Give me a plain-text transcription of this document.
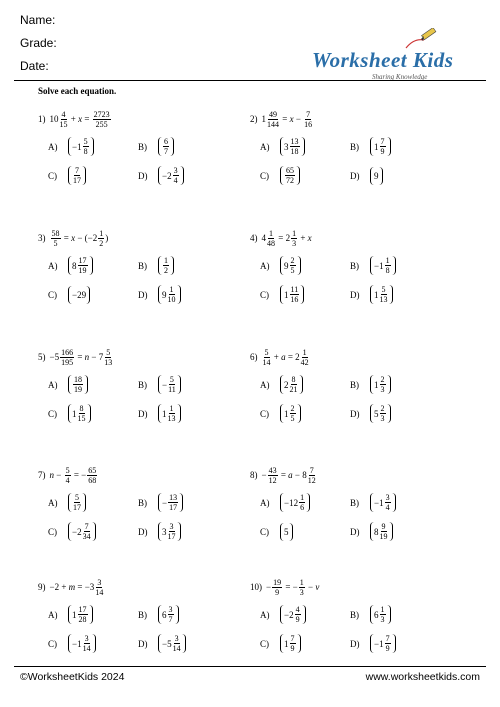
Name:
Grade:
Date:	Worksheet Kids
Sharing Knowledge
Solve each equation.
1) $10 \frac{4}{15} + x = \frac{2723}{255}$
A)	$-1 \frac{5}{8}$	B)	$\frac{6}{7}$
C)	$\frac{7}{17}$	D)	$-2 \frac{3}{4}$
2) $1 \frac{49}{144} = x - \frac{7}{16}$
A)	$3 \frac{13}{18}$	B)	$1 \frac{7}{9}$
C)	$\frac{65}{72}$	D)	9
$3) \frac{58}{5} = x - (-2 \frac{1}{2}$ )
A)	$8 \frac{17}{19}$	B)	$\frac{1}{2}$
C)	−29	D)	$9 \frac{1}{10}$
4) $4 \frac{1}{48} = 2 \frac{1}{3} + x$
A)	$9 \frac{2}{5}$	B)	$-1 \frac{1}{8}$
C)	$1 \frac{11}{16}$	D)	$1 \frac{5}{13}$
$5) -5 \frac{166}{195} = n - 7 \frac{5}{13}$
A)	$\frac{18}{19}$	B)	− $\frac{5}{11}$
C)	$1 \frac{8}{15}$	D)	$1 \frac{1}{13}$
$6) \frac{5}{14} + a = 2 \frac{1}{42}$
A)	$2 \frac{8}{21}$	B)	$1 \frac{2}{3}$
C)	$1 \frac{2}{5}$	D)	$5 \frac{2}{3}$
7) $n - \frac{5}{4}$ = − $\frac{65}{68}$
A)	$\frac{5}{17}$	B)	− $\frac{13}{17}$
C)	$-2 \frac{7}{34}$	D)	$3 \frac{3}{17}$
$8) - \frac{43}{12} = a - 8 \frac{7}{12}$
A)	$-12 \frac{1}{6}$	B)	$-1 \frac{3}{4}$
C)	5	D)	$8 \frac{9}{19}$
$9) -2 + m = -3 \frac{3}{14}$
A)	$1 \frac{17}{28}$	B)	$6 \frac{3}{7}$
C)	$-1 \frac{3}{14}$	D)	$-5 \frac{3}{14}$
$10) - \frac{19}{9}$ = − $\frac{1}{3} - v$
A)	$-2 \frac{4}{9}$	B)	$6 \frac{1}{3}$
C)	$1 \frac{7}{9}$	D)	$-1 \frac{7}{9}$
©WorksheetKids 2024	www.worksheetkids.com
